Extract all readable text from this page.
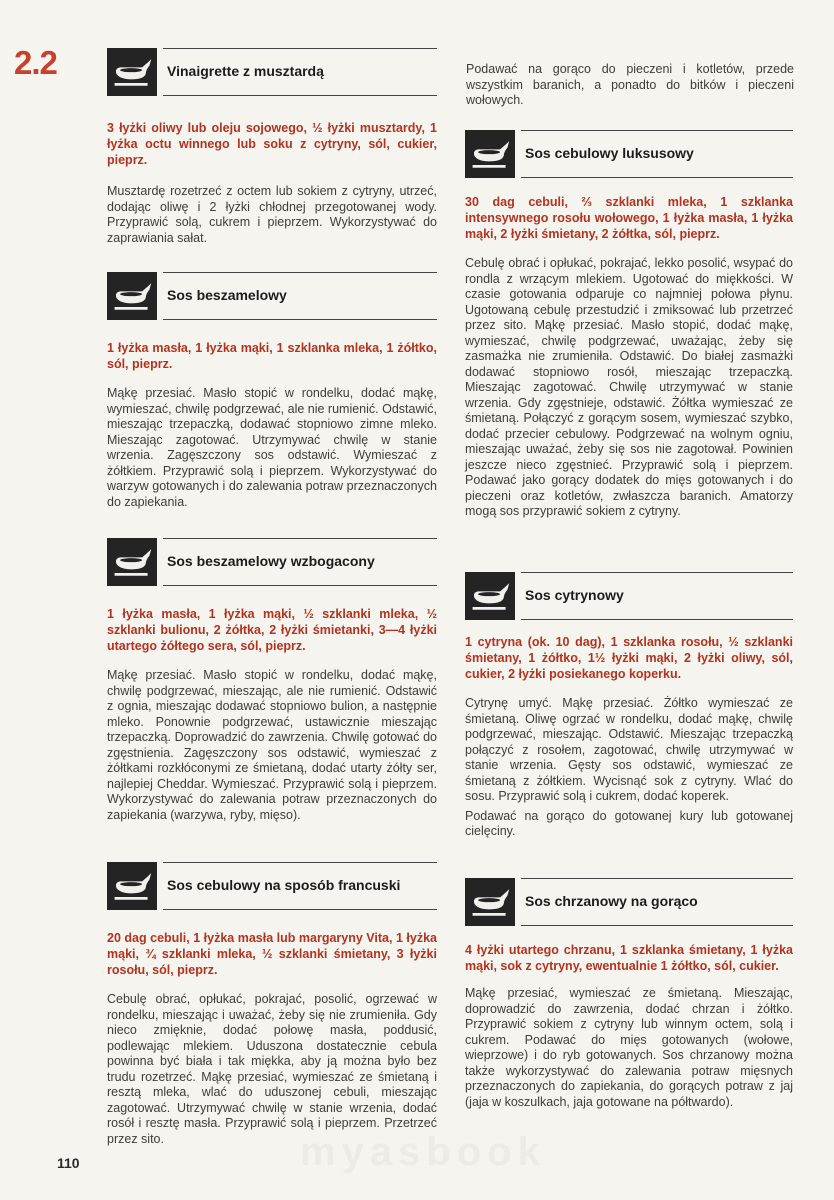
2.2	Vinaigrette z musztardą
3 łyżki oliwy lub oleju sojowego, ½ łyżki musztardy, 1 łyżka octu winnego lub soku z cytryny, sól, cukier, pieprz.

Musztardę rozetrzeć z octem lub sokiem z cytryny, utrzeć, dodając oliwę i 2 łyżki chłodnej przegotowanej wody. Przyprawić solą, cukrem i pieprzem. Wykorzystywać do zaprawiania sałat.

Sos beszamelowy
1 łyżka masła, 1 łyżka mąki, 1 szklanka mleka, 1 żółtko, sól, pieprz.

Mąkę przesiać. Masło stopić w rondelku, dodać mąkę, wymieszać, chwilę podgrzewać, ale nie rumienić. Odstawić, mieszając trzepaczką, dodawać stopniowo zimne mleko. Mieszając zagotować. Utrzymywać chwilę w stanie wrzenia. Zagęszczony sos odstawić. Wymieszać z żółtkiem. Przyprawić solą i pieprzem. Wykorzystywać do warzyw gotowanych i do zalewania potraw przeznaczonych do zapiekania.

Sos beszamelowy wzbogacony
1 łyżka masła, 1 łyżka mąki, ½ szklanki mleka, ½ szklanki bulionu, 2 żółtka, 2 łyżki śmietanki, 3—4 łyżki utartego żółtego sera, sól, pieprz.

Mąkę przesiać. Masło stopić w rondelku, dodać mąkę, chwilę podgrzewać, mieszając, ale nie rumienić. Odstawić z ognia, mieszając dodawać stopniowo bulion, a następnie mleko. Ponownie podgrzewać, ustawicznie mieszając trzepaczką. Doprowadzić do zawrzenia. Chwilę gotować do zgęstnienia. Zagęszczony sos odstawić, wymieszać z żółtkami rozkłóconymi ze śmietaną, dodać utarty żółty ser, najlepiej Cheddar. Wymieszać. Przyprawić solą i pieprzem. Wykorzystywać do zalewania potraw przeznaczonych do zapiekania (warzywa, ryby, mięso).

Sos cebulowy na sposób francuski
20 dag cebuli, 1 łyżka masła lub margaryny Vita, 1 łyżka mąki, ¾ szklanki mleka, ½ szklanki śmietany, 3 łyżki rosołu, sól, pieprz.

Cebulę obrać, opłukać, pokrajać, posolić, ogrzewać w rondelku, mieszając i uważać, żeby się nie zrumieniła. Gdy nieco zmięknie, dodać połowę masła, poddusić, podlewając mlekiem. Uduszona dostatecznie cebula powinna być biała i tak miękka, aby ją można było bez trudu rozetrzeć. Mąkę przesiać, wymieszać ze śmietaną i resztą mleka, wlać do uduszonej cebuli, mieszając zagotować. Utrzymywać chwilę w stanie wrzenia, dodać rosół i resztę masła. Przyprawić solą i pieprzem. Przetrzeć przez sito.

110
Podawać na gorąco do pieczeni i kotletów, przede wszystkim baranich, a ponadto do bitków i pieczeni wołowych.
Sos cebulowy luksusowy
30 dag cebuli, ⅔ szklanki mleka, 1 szklanka intensywnego rosołu wołowego, 1 łyżka masła, 1 łyżka mąki, 2 łyżki śmietany, 2 żółtka, sól, pieprz.

Cebulę obrać i opłukać, pokrajać, lekko posolić, wsypać do rondla z wrzącym mlekiem. Ugotować do miękkości. W czasie gotowania odparuje co najmniej połowa płynu. Ugotowaną cebulę przestudzić i zmiksować lub przetrzeć przez sito. Mąkę przesiać. Masło stopić, dodać mąkę, wymieszać, chwilę podgrzewać, uważając, żeby się zasmażka nie zrumieniła. Odstawić. Do białej zasmażki dodawać stopniowo rosół, mieszając trzepaczką. Mieszając zagotować. Chwilę utrzymywać w stanie wrzenia. Gdy zgęstnieje, odstawić. Żółtka wymieszać ze śmietaną. Połączyć z gorącym sosem, wymieszać szybko, dodać przecier cebulowy. Podgrzewać na wolnym ogniu, mieszając uważać, żeby się sos nie zagotował. Powinien jeszcze nieco zgęstnieć. Przyprawić solą i pieprzem. Podawać jako gorący dodatek do mięs gotowanych i do pieczeni oraz kotletów, zwłaszcza baranich. Amatorzy mogą sos przyprawić sokiem z cytryny.

Sos cytrynowy
1 cytryna (ok. 10 dag), 1 szklanka rosołu, ½ szklanki śmietany, 1 żółtko, 1½ łyżki mąki, 2 łyżki oliwy, sól, cukier, 2 łyżki posiekanego koperku.

Cytrynę umyć. Mąkę przesiać. Żółtko wymieszać ze śmietaną. Oliwę ogrzać w rondelku, dodać mąkę, chwilę podgrzewać, mieszając. Odstawić. Mieszając trzepaczką połączyć z rosołem, zagotować, chwilę utrzymywać w stanie wrzenia. Gęsty sos odstawić, wymieszać ze śmietaną z żółtkiem. Wycisnąć sok z cytryny. Wlać do sosu. Przyprawić solą i cukrem, dodać koperek.

Podawać na gorąco do gotowanej kury lub gotowanej cielęciny.

Sos chrzanowy na gorąco
4 łyżki utartego chrzanu, 1 szklanka śmietany, 1 łyżka mąki, sok z cytryny, ewentualnie 1 żółtko, sól, cukier.

Mąkę przesiać, wymieszać ze śmietaną. Mieszając, doprowadzić do zawrzenia, dodać chrzan i żółtko. Przyprawić sokiem z cytryny lub winnym octem, solą i cukrem. Podawać do mięs gotowanych (wołowe, wieprzowe) i do ryb gotowanych. Sos chrzanowy można także wykorzystywać do zalewania potraw mięsnych przeznaczonych do zapiekania, do gorących potraw z jaj (jaja w koszulkach, jaja gotowane na półtwardo).

myasbook
